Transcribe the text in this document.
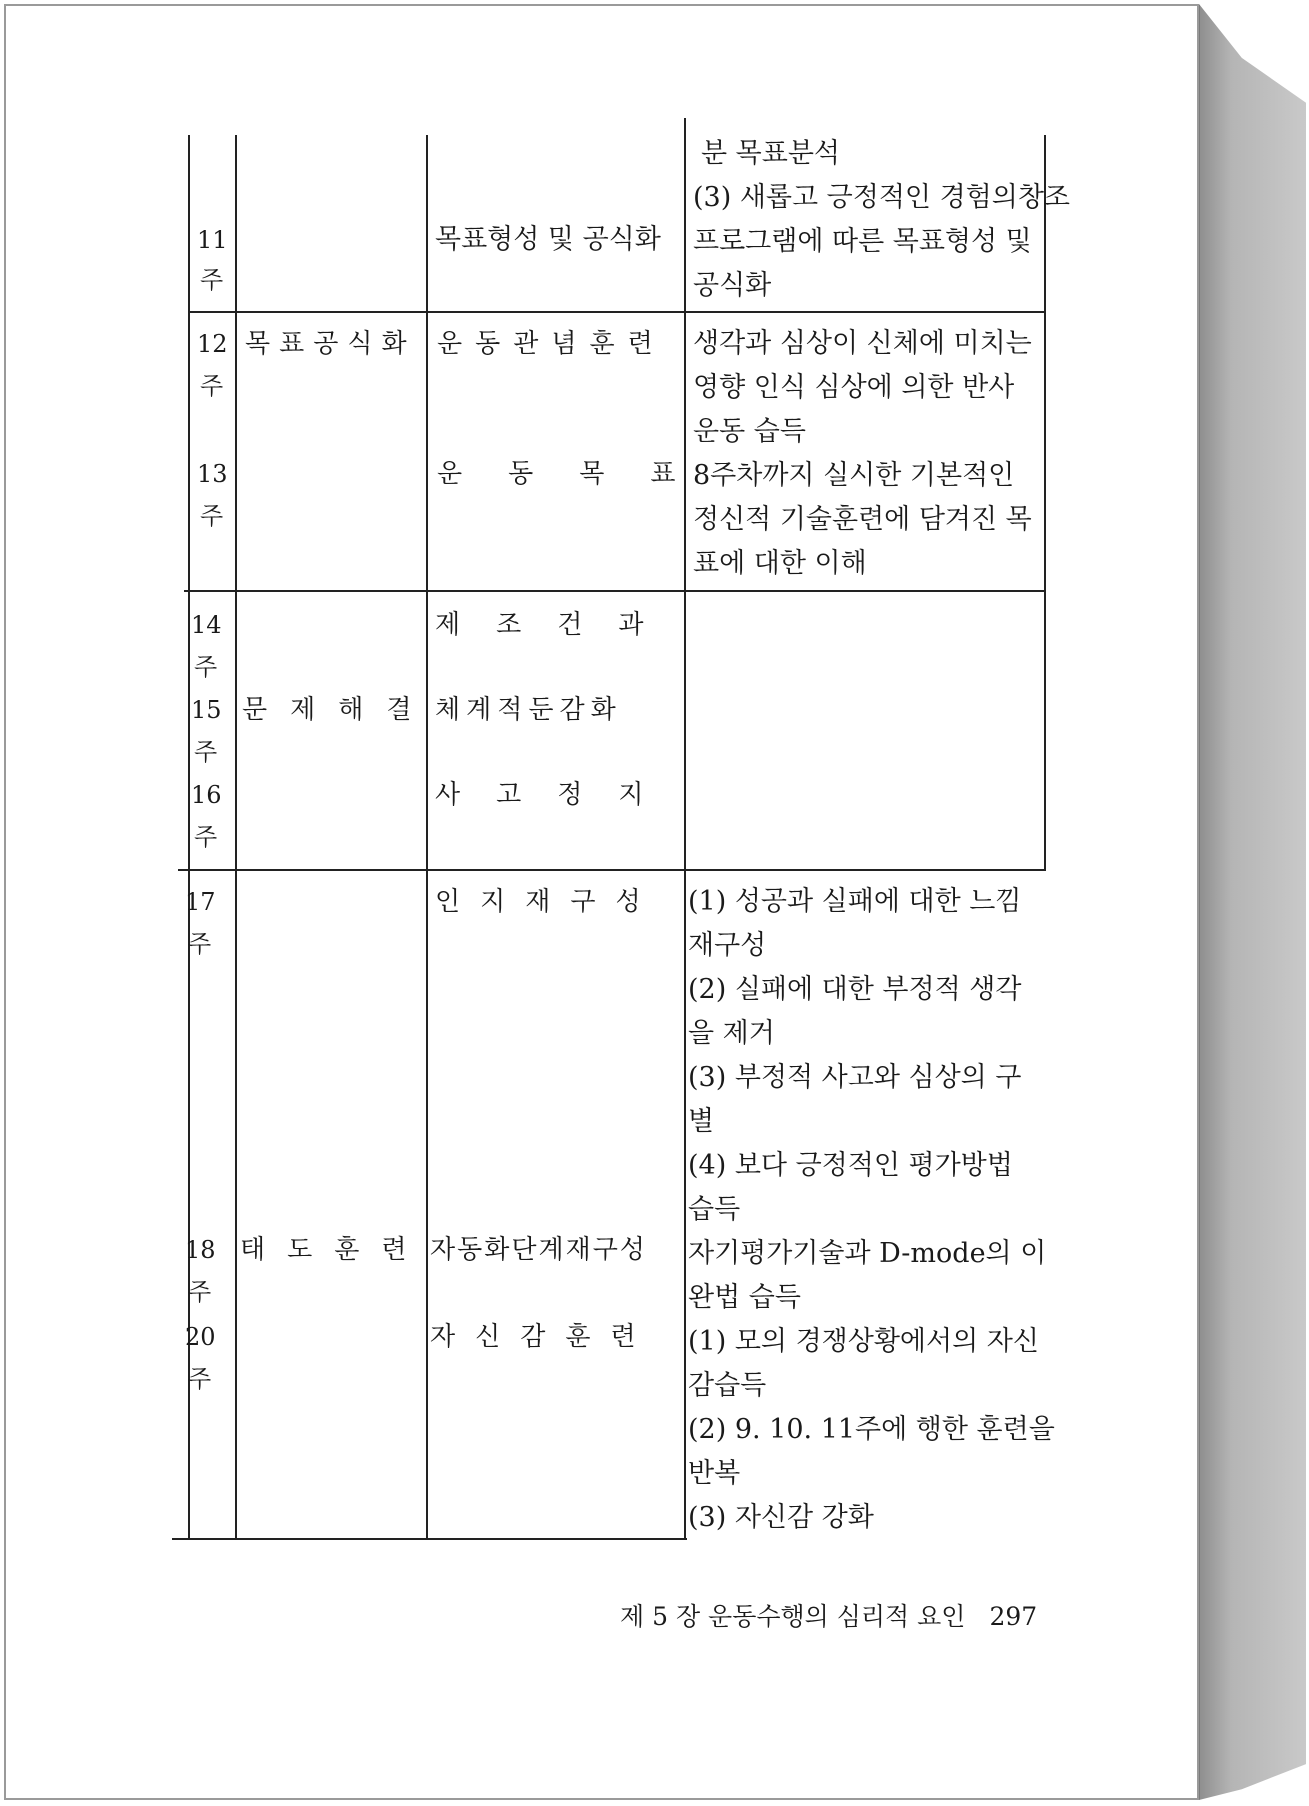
11
주
목표형성 및 공식화
분 목표분석
(3) 새롭고 긍정적인 경험의창조
프로그램에 따른 목표형성 및
공식화
12
주
13
주
목표공식화 운동관념훈련
운동목표
생각과 심상이 신체에 미치는
영향 인식 심상에 의한 반사
운동 습득
8주차까지 실시한 기본적인
정신적 기술훈련에 담겨진 목
표에 대한 이해
14
주
15
주
16
주
문제해결
제조건과
체계적둔감화
사고정지
17
주
18
주
20
주
태도훈련
인지재구성
자동화단계재구성
자신감훈련
(1) 성공과 실패에 대한 느낌
재구성
(2) 실패에 대한 부정적 생각
을 제거
(3) 부정적 사고와 심상의 구
별
(4) 보다 긍정적인 평가방법
습득
자기평가기술과 D-mode의 이
완법 습득
(1) 모의 경쟁상황에서의 자신
감습득
(2) 9. 10. 11주에 행한 훈련을
반복
(3) 자신감 강화
제 5 장 운동수행의 심리적 요인 297
